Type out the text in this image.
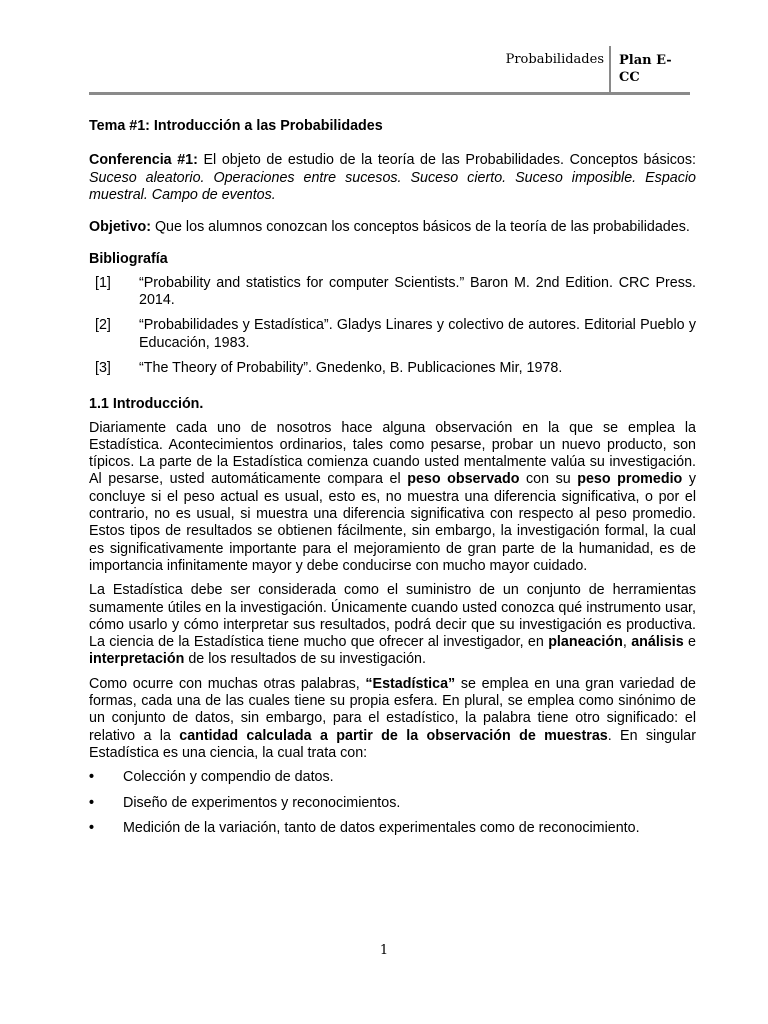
Probabilidades Plan E-CC

Tema #1: Introducción a las Probabilidades

Conferencia #1: El objeto de estudio de la teoría de las Probabilidades. Conceptos básicos: Suceso aleatorio. Operaciones entre sucesos. Suceso cierto. Suceso imposible. Espacio muestral. Campo de eventos.

Objetivo: Que los alumnos conozcan los conceptos básicos de la teoría de las probabilidades.

Bibliografía

[1]	“Probability and statistics for computer Scientists.” Baron M. 2nd Edition. CRC Press. 2014.
[2]	“Probabilidades y Estadística”. Gladys Linares y colectivo de autores. Editorial Pueblo y Educación, 1983.
[3]	“The Theory of Probability”. Gnedenko, B. Publicaciones Mir, 1978.

1.1 Introducción.

Diariamente cada uno de nosotros hace alguna observación en la que se emplea la Estadística. Acontecimientos ordinarios, tales como pesarse, probar un nuevo producto, son típicos. La parte de la Estadística comienza cuando usted mentalmente valúa su investigación. Al pesarse, usted automáticamente compara el peso observado con su peso promedio y concluye si el peso actual es usual, esto es, no muestra una diferencia significativa, o por el contrario, no es usual, si muestra una diferencia significativa con respecto al peso promedio. Estos tipos de resultados se obtienen fácilmente, sin embargo, la investigación formal, la cual es significativamente importante para el mejoramiento de gran parte de la humanidad, es de importancia infinitamente mayor y debe conducirse con mucho mayor cuidado.

La Estadística debe ser considerada como el suministro de un conjunto de herramientas sumamente útiles en la investigación. Únicamente cuando usted conozca qué instrumento usar, cómo usarlo y cómo interpretar sus resultados, podrá decir que su investigación es productiva. La ciencia de la Estadística tiene mucho que ofrecer al investigador, en planeación, análisis e interpretación de los resultados de su investigación.

Como ocurre con muchas otras palabras, “Estadística” se emplea en una gran variedad de formas, cada una de las cuales tiene su propia esfera. En plural, se emplea como sinónimo de un conjunto de datos, sin embargo, para el estadístico, la palabra tiene otro significado: el relativo a la cantidad calculada a partir de la observación de muestras. En singular Estadística es una ciencia, la cual trata con:

•	Colección y compendio de datos.
•	Diseño de experimentos y reconocimientos.
•	Medición de la variación, tanto de datos experimentales como de reconocimiento.
1
